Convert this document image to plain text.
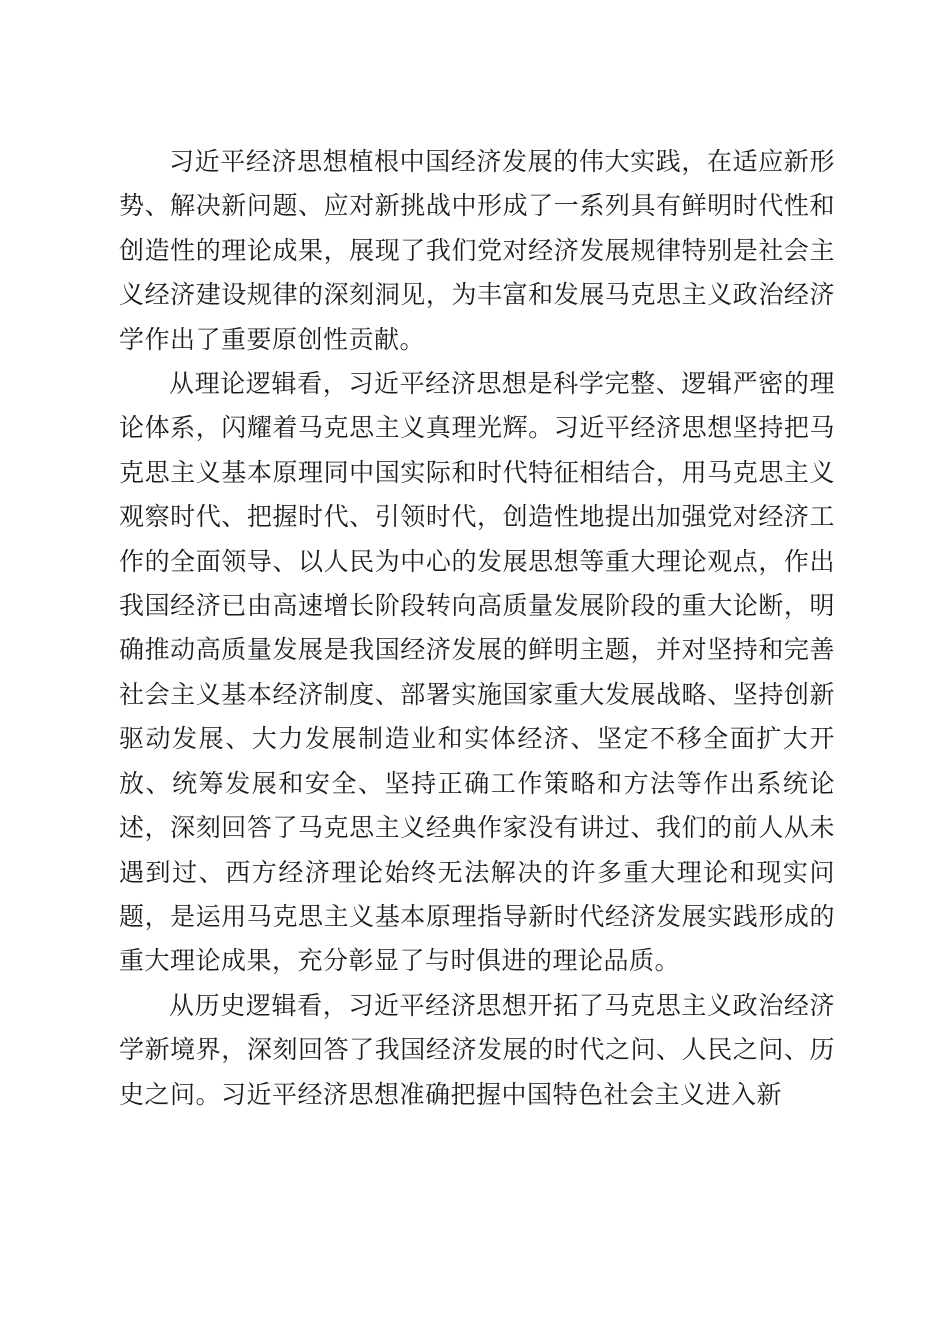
习近平经济思想植根中国经济发展的伟大实践，在适应新形势、解决新问题、应对新挑战中形成了一系列具有鲜明时代性和创造性的理论成果，展现了我们党对经济发展规律特别是社会主义经济建设规律的深刻洞见，为丰富和发展马克思主义政治经济学作出了重要原创性贡献。

从理论逻辑看，习近平经济思想是科学完整、逻辑严密的理论体系，闪耀着马克思主义真理光辉。习近平经济思想坚持把马克思主义基本原理同中国实际和时代特征相结合，用马克思主义观察时代、把握时代、引领时代，创造性地提出加强党对经济工作的全面领导、以人民为中心的发展思想等重大理论观点，作出我国经济已由高速增长阶段转向高质量发展阶段的重大论断，明确推动高质量发展是我国经济发展的鲜明主题，并对坚持和完善社会主义基本经济制度、部署实施国家重大发展战略、坚持创新驱动发展、大力发展制造业和实体经济、坚定不移全面扩大开放、统筹发展和安全、坚持正确工作策略和方法等作出系统论述，深刻回答了马克思主义经典作家没有讲过、我们的前人从未遇到过、西方经济理论始终无法解决的许多重大理论和现实问题，是运用马克思主义基本原理指导新时代经济发展实践形成的重大理论成果，充分彰显了与时俱进的理论品质。

从历史逻辑看，习近平经济思想开拓了马克思主义政治经济学新境界，深刻回答了我国经济发展的时代之问、人民之问、历史之问。习近平经济思想准确把握中国特色社会主义进入新
